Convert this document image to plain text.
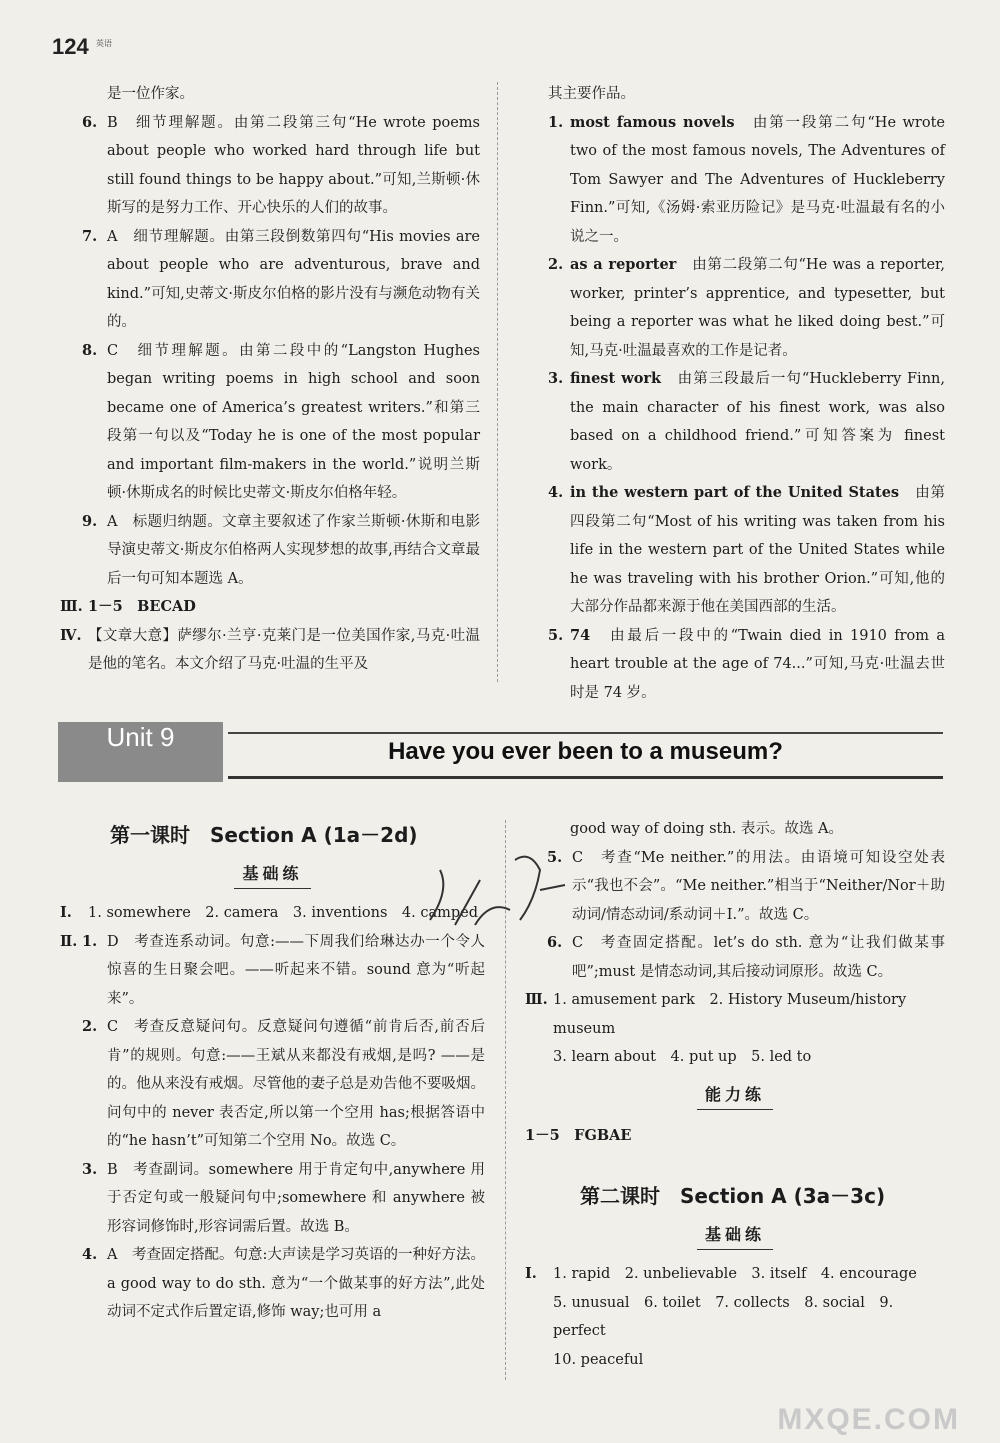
124 英语

是一位作家。

6. B　细节理解题。由第二段第三句“He wrote poems about people who worked hard through life but still found things to be happy about.”可知,兰斯顿·休斯写的是努力工作、开心快乐的人们的故事。

7. A　细节理解题。由第三段倒数第四句“His movies are about people who are adventurous, brave and kind.”可知,史蒂文·斯皮尔伯格的影片没有与濒危动物有关的。

8. C　细节理解题。由第二段中的“Langston Hughes began writing poems in high school and soon became one of America’s greatest writers.”和第三段第一句以及“Today he is one of the most popular and important film-makers in the world.”说明兰斯顿·休斯成名的时候比史蒂文·斯皮尔伯格年轻。

9. A　标题归纳题。文章主要叙述了作家兰斯顿·休斯和电影导演史蒂文·斯皮尔伯格两人实现梦想的故事,再结合文章最后一句可知本题选 A。

Ⅲ. 1－5　BECAD

Ⅳ. 【文章大意】萨缪尔·兰亨·克莱门是一位美国作家,马克·吐温是他的笔名。本文介绍了马克·吐温的生平及

其主要作品。

1. most famous novels　由第一段第二句“He wrote two of the most famous novels, The Adventures of Tom Sawyer and The Adventures of Huckleberry Finn.”可知,《汤姆·索亚历险记》是马克·吐温最有名的小说之一。

2. as a reporter　由第二段第二句“He was a reporter, worker, printer’s apprentice, and typesetter, but being a reporter was what he liked doing best.”可知,马克·吐温最喜欢的工作是记者。

3. finest work　由第三段最后一句“Huckleberry Finn, the main character of his finest work, was also based on a childhood friend.”可知答案为 finest work。

4. in the western part of the United States　由第四段第二句“Most of his writing was taken from his life in the western part of the United States while he was traveling with his brother Orion.”可知,他的大部分作品都来源于他在美国西部的生活。

5. 74　由最后一段中的“Twain died in 1910 from a heart trouble at the age of 74...”可知,马克·吐温去世时是 74 岁。

Unit 9	Have you ever been to a museum?

第一课时　Section A (1a－2d)

基础练

Ⅰ. 1. somewhere　2. camera　3. inventions　4. camped

Ⅱ. 1. D　考查连系动词。句意:——下周我们给琳达办一个令人惊喜的生日聚会吧。——听起来不错。sound 意为“听起来”。

2. C　考查反意疑问句。反意疑问句遵循“前肯后否,前否后肯”的规则。句意:——王斌从来都没有戒烟,是吗? ——是的。他从来没有戒烟。尽管他的妻子总是劝告他不要吸烟。问句中的 never 表否定,所以第一个空用 has;根据答语中的“he hasn’t”可知第二个空用 No。故选 C。

3. B　考查副词。somewhere 用于肯定句中,anywhere 用于否定句或一般疑问句中;somewhere 和 anywhere 被形容词修饰时,形容词需后置。故选 B。

4. A　考查固定搭配。句意:大声读是学习英语的一种好方法。a good way to do sth. 意为“一个做某事的好方法”,此处动词不定式作后置定语,修饰 way;也可用 a

good way of doing sth. 表示。故选 A。

5. C　考查“Me neither.”的用法。由语境可知设空处表示“我也不会”。“Me neither.”相当于“Neither/Nor＋助动词/情态动词/系动词＋I.”。故选 C。

6. C　考查固定搭配。let’s do sth. 意为“让我们做某事吧”;must 是情态动词,其后接动词原形。故选 C。

Ⅲ. 1. amusement park　2. History Museum/history museum

3. learn about　4. put up　5. led to

能力练

1－5　FGBAE

第二课时　Section A (3a－3c)

基础练

Ⅰ. 1. rapid　2. unbelievable　3. itself　4. encourage

5. unusual　6. toilet　7. collects　8. social　9. perfect

10. peaceful

MXQE.COM
